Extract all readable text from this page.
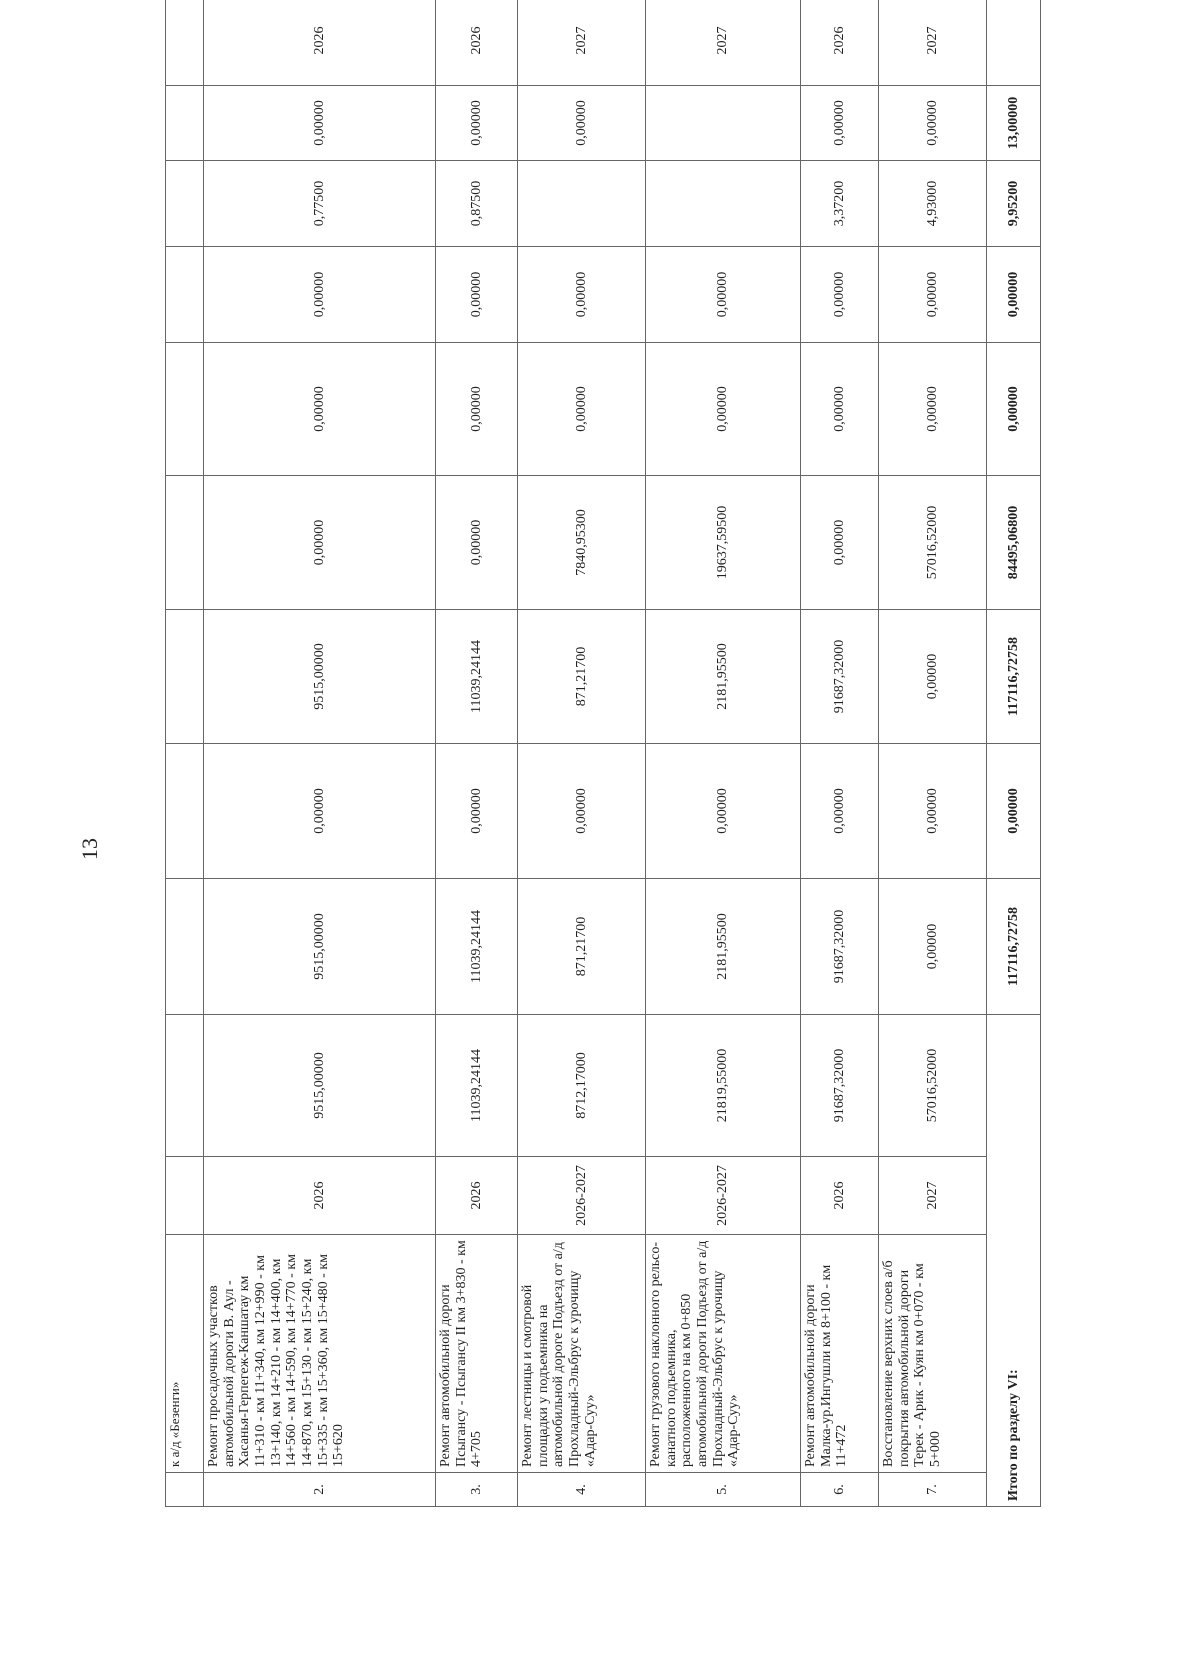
13
	к а/д «Безенги»											
2.	Ремонт просадочных участков автомобильной дороги В. Аул - Хасанья-Герпегеж-Каншатау км 11+310 - км 11+340, км 12+990 - км 13+140, км 14+210 - км 14+400, км 14+560 - км 14+590, км 14+770 - км 14+870, км 15+130 - км 15+240, км 15+335 - км 15+360, км 15+480 - км 15+620	2026	9515,00000	9515,00000	0,00000	9515,00000	0,00000	0,00000	0,00000	0,77500	0,00000	2026
3.	Ремонт автомобильной дороги Псыгансу - Псыгансу II км 3+830 - км 4+705	2026	11039,24144	11039,24144	0,00000	11039,24144	0,00000	0,00000	0,00000	0,87500	0,00000	2026
4.	Ремонт лестницы и смотровой площадки у подъемника на автомобильной дороге Подъезд от а/д Прохладный-Эльбрус к урочищу «Адар-Суу»	2026-2027	8712,17000	871,21700	0,00000	871,21700	7840,95300	0,00000	0,00000		0,00000	2027
5.	Ремонт грузового наклонного рельсо-канатного подъемника, расположенного на км 0+850 автомобильной дороги Подъезд от а/д Прохладный-Эльбрус к урочищу «Адар-Суу»	2026-2027	21819,55000	2181,95500	0,00000	2181,95500	19637,59500	0,00000	0,00000			2027
6.	Ремонт автомобильной дороги Малка-ур.Ингушли км 8+100 - км 11+472	2026	91687,32000	91687,32000	0,00000	91687,32000	0,00000	0,00000	0,00000	3,37200	0,00000	2026
7.	Восстановление верхних слоев а/б покрытия автомобильной дороги Терек - Арик - Куян км 0+070 - км 5+000	2027	57016,52000	0,00000	0,00000	0,00000	57016,52000	0,00000	0,00000	4,93000	0,00000	2027
Итого по разделу VI:				117116,72758	0,00000	117116,72758	84495,06800	0,00000	0,00000	9,95200	13,00000	
